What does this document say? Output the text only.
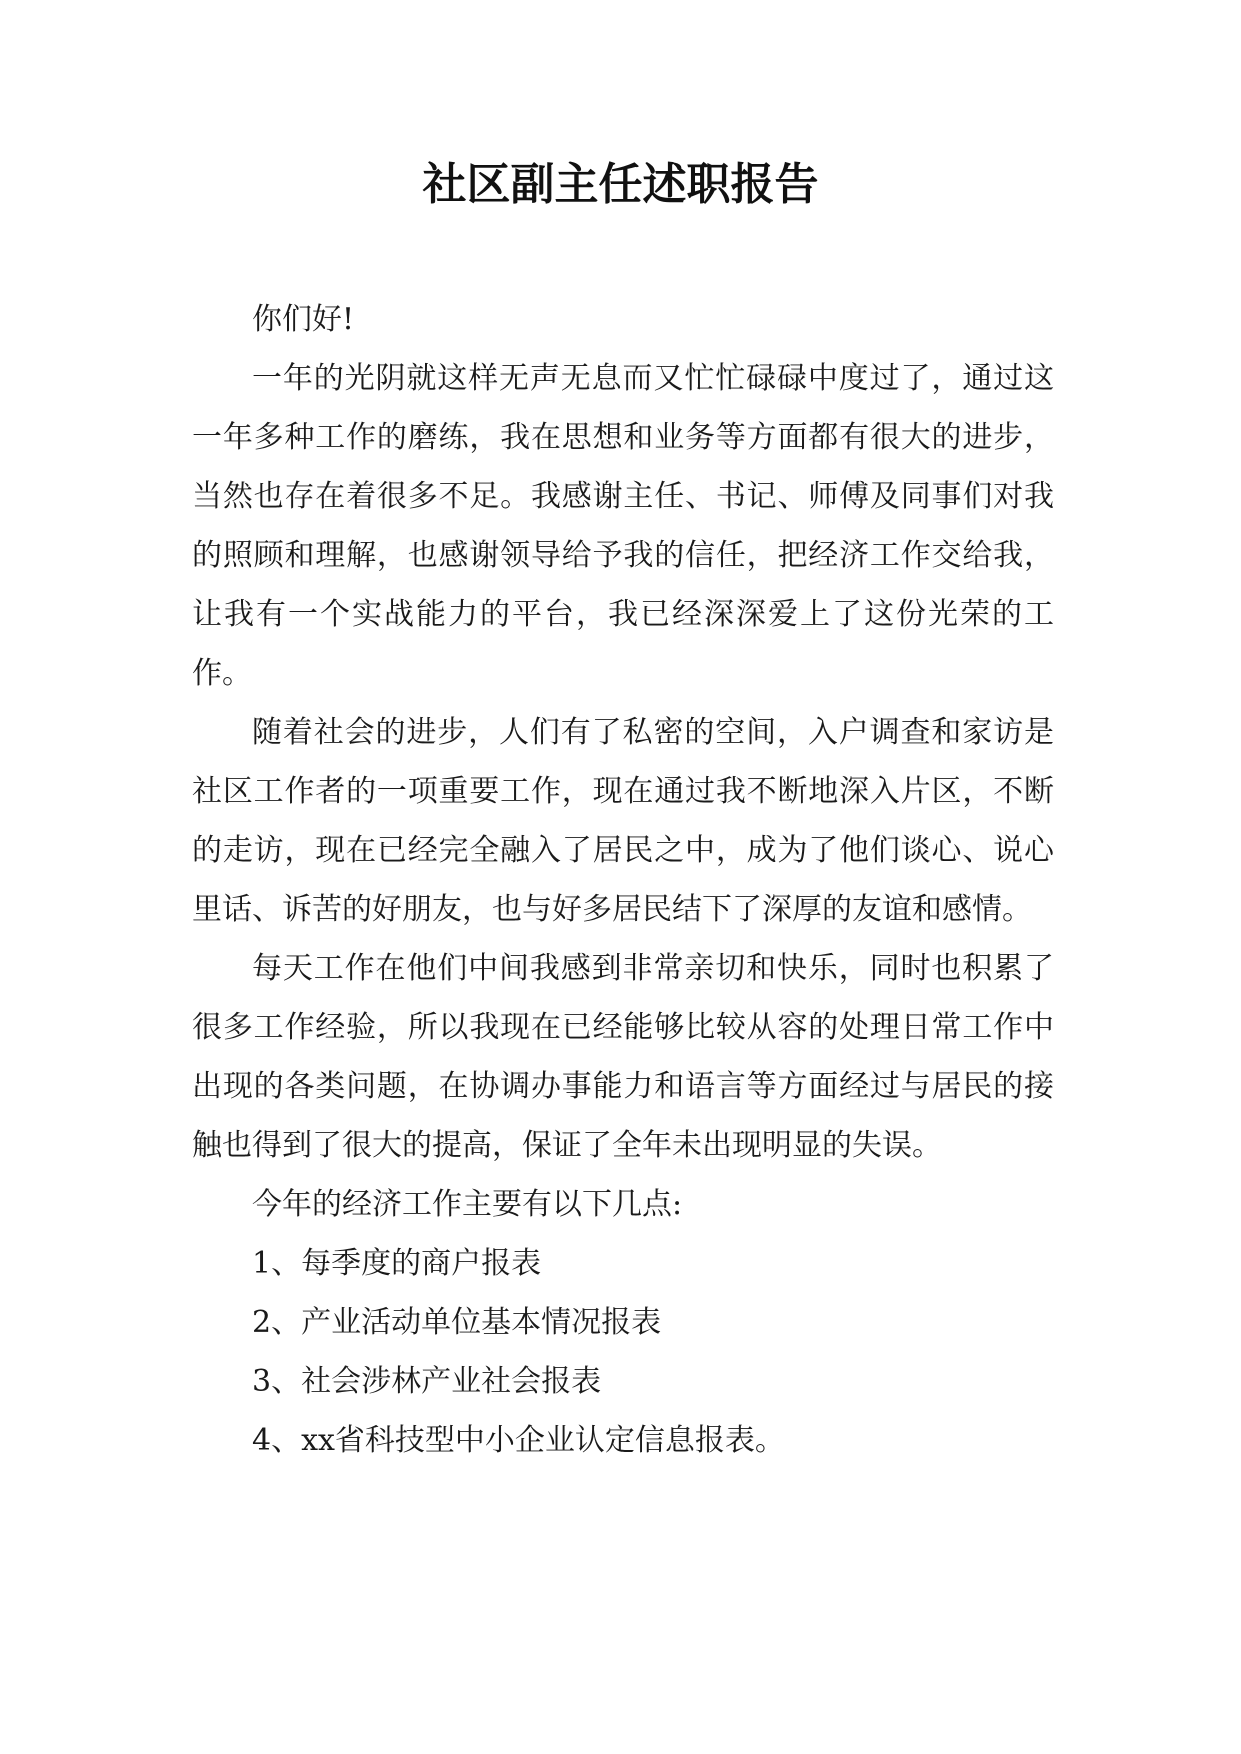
社区副主任述职报告

你们好!

一年的光阴就这样无声无息而又忙忙碌碌中度过了，通过这一年多种工作的磨练，我在思想和业务等方面都有很大的进步，当然也存在着很多不足。我感谢主任、书记、师傅及同事们对我的照顾和理解，也感谢领导给予我的信任，把经济工作交给我，让我有一个实战能力的平台，我已经深深爱上了这份光荣的工作。

随着社会的进步，人们有了私密的空间，入户调查和家访是社区工作者的一项重要工作，现在通过我不断地深入片区，不断的走访，现在已经完全融入了居民之中，成为了他们谈心、说心里话、诉苦的好朋友，也与好多居民结下了深厚的友谊和感情。

每天工作在他们中间我感到非常亲切和快乐，同时也积累了很多工作经验，所以我现在已经能够比较从容的处理日常工作中出现的各类问题，在协调办事能力和语言等方面经过与居民的接触也得到了很大的提高，保证了全年未出现明显的失误。

今年的经济工作主要有以下几点:

1、每季度的商户报表

2、产业活动单位基本情况报表

3、社会涉林产业社会报表

4、xx省科技型中小企业认定信息报表。
